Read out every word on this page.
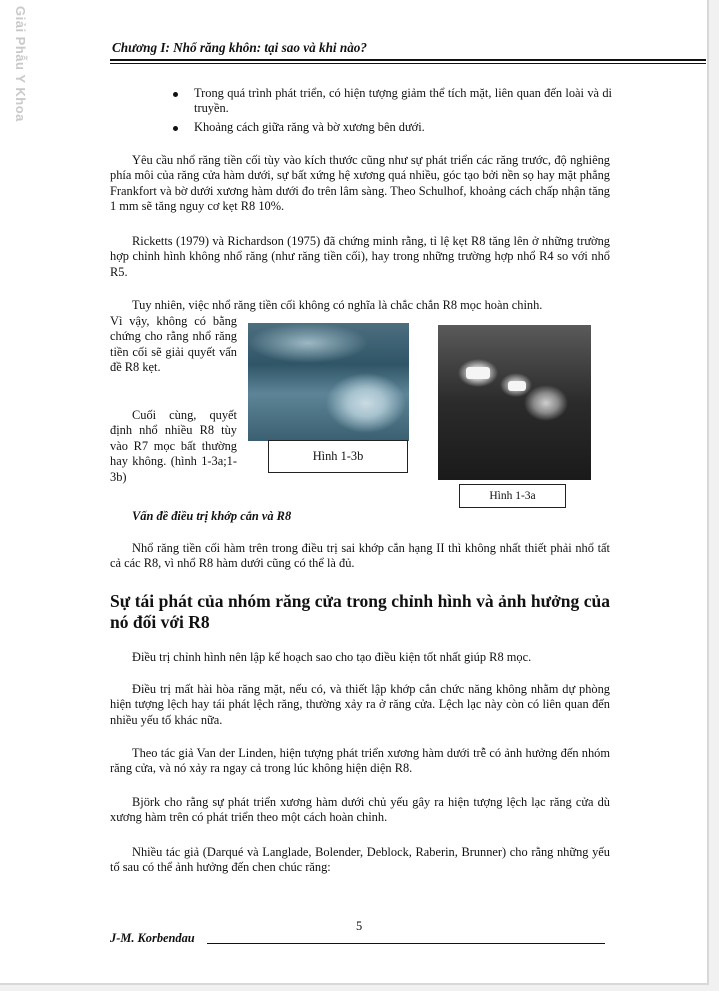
Giải Phẫu Y Khoa	Chương I: Nhổ răng khôn: tại sao và khi nào?
Trong quá trình phát triển, có hiện tượng giảm thể tích mặt, liên quan đến loài và di truyền.
Khoảng cách giữa răng và bờ xương bên dưới.
Yêu cầu nhổ răng tiền cối tùy vào kích thước cũng như sự phát triển các răng trước, độ nghiêng phía môi của răng cửa hàm dưới, sự bất xứng hệ xương quá nhiều, góc tạo bởi nền sọ hay mặt phẳng Frankfort và bờ dưới xương hàm dưới đo trên lâm sàng. Theo Schulhof, khoảng cách chấp nhận tăng 1 mm sẽ tăng nguy cơ kẹt R8 10%.
Ricketts (1979) và Richardson (1975) đã chứng minh rằng, tỉ lệ kẹt R8 tăng lên ở những trường hợp chỉnh hình không nhổ răng (như răng tiền cối), hay trong những trường hợp nhổ R4 so với nhổ R5.
Tuy nhiên, việc nhổ răng tiền cối không có nghĩa là chắc chắn R8 mọc hoàn chỉnh.
Vì vậy, không có bằng chứng cho rằng nhổ răng tiền cối sẽ giải quyết vấn đề R8 kẹt.
Cuối cùng, quyết định nhổ nhiều R8 tùy vào R7 mọc bất thường hay không. (hình 1-3a;1-3b)
Hình 1-3b
Hình 1-3a
Vấn đề điều trị khớp cắn và R8
Nhổ răng tiền cối hàm trên trong điều trị sai khớp cắn hạng II thì không nhất thiết phải nhổ tất cả các R8, vì nhổ R8 hàm dưới cũng có thể là đủ.
Sự tái phát của nhóm răng cửa trong chỉnh hình và ảnh hưởng của nó đối với R8
Điều trị chỉnh hình nên lập kế hoạch sao cho tạo điều kiện tốt nhất giúp R8 mọc.
Điều trị mất hài hòa răng mặt, nếu có, và thiết lập khớp cắn chức năng không nhằm dự phòng hiện tượng lệch hay tái phát lệch răng, thường xảy ra ở răng cửa. Lệch lạc này còn có liên quan đến nhiều yếu tố khác nữa.
Theo tác giả Van der Linden, hiện tượng phát triển xương hàm dưới trễ có ảnh hưởng đến nhóm răng cửa, và nó xảy ra ngay cả trong lúc không hiện diện R8.
Björk cho rằng sự phát triển xương hàm dưới chủ yếu gây ra hiện tượng lệch lạc răng cửa dù xương hàm trên có phát triển theo một cách hoàn chỉnh.
Nhiều tác giả (Darqué và Langlade, Bolender, Deblock, Raberin, Brunner) cho rằng những yếu tố sau có thể ảnh hưởng đến chen chúc răng:
5
J-M. Korbendau
